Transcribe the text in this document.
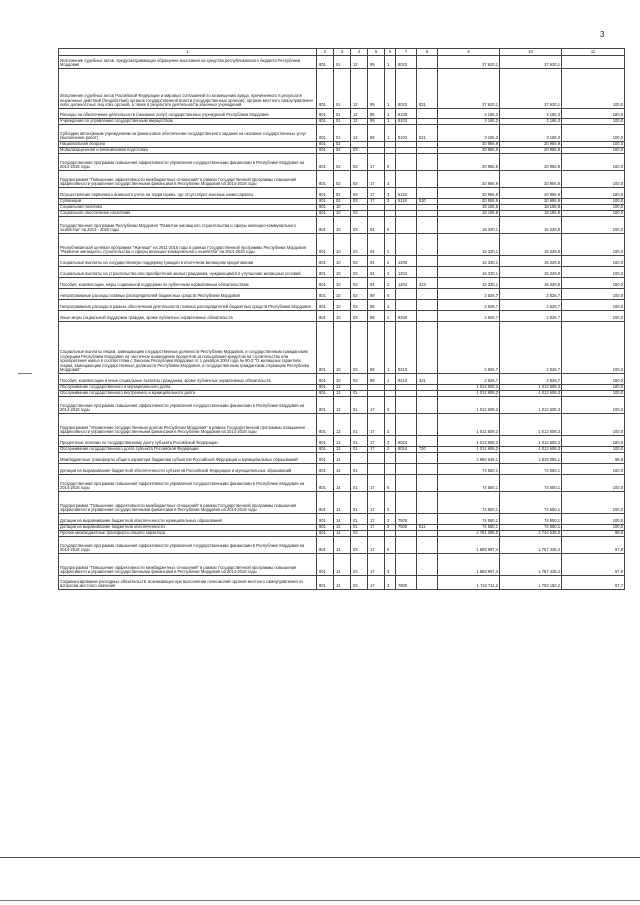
3
1	2	3	4	5	6	7	8	9	10	11
Исполнение судебных актов, предусматривающих обращение взыскания на средства республиканского бюджета Республики Мордовия	801	01	13	89	1	8022		27 620,1	27 620,1	
Исполнение судебных актов Российской Федерации и мировых соглашений по возмещению вреда, причиненного в результате незаконных действий (бездействия) органов государственной власти (государственных органов), органов местного самоуправления либо должностных лиц этих органов, а также в результате деятельности казенных учреждений	801	01	13	89	1	8022	831	27 620,1	27 620,1	100,0
Расходы на обеспечение деятельности (оказание услуг) государственных учреждений Республики Мордовия	801	01	13	89	1	8100		3 186,3	3 186,3	100,0
Учреждения по управлению государственным имуществом	801	01	13	89	1	8102		3 186,3	3 186,3	100,0
Субсидии автономным учреждениям на финансовое обеспечение государственного задания на оказание государственных услуг (выполнение работ)	801	01	13	89	1	8102	621	3 186,3	3 186,3	100,0
Национальная оборона	801	02						20 956,9	20 956,9	100,0
Мобилизационная и вневойсковая подготовка	801	02	03					20 956,9	20 956,9	100,0
Государственная программа повышения эффективности управления государственными финансами в Республике Мордовия на 2014-2018 годы	801	02	03	17	0			20 956,9	20 956,9	100,0
Подпрограмма "Повышение эффективности межбюджетных отношений" в рамках Государственной программы повышения эффективности управления государственными финансами в Республике Мордовия на 2014-2018 годы	801	02	03	17	3			20 956,9	20 956,9	100,0
Осуществление первичного воинского учета на территориях, где отсутствуют военные комиссариаты	801	02	03	17	3	5118		20 956,9	20 956,9	100,0
Субвенции	801	02	03	17	3	5118	530	20 956,9	20 956,9	100,0
Социальная политика	801	10						18 156,8	18 156,8	100,0
Социальное обеспечение населения	801	10	03					18 156,8	18 156,8	100,0
Государственная программа Республики Мордовия "Развитие жилищного строительства и сферы жилищно-коммунального хозяйства" на 2014 - 2020 годы	801	10	03	04	0			15 330,1	15 329,8	100,0
Республиканская целевая программа "Жилище" на 2011-2015 годы в рамках Государственной программы Республики Мордовия "Развитие жилищного строительства и сферы жилищно-коммунального хозяйства" на 2014-2020 годы	801	10	03	04	2			15 330,1	15 329,8	100,0
Социальные выплаты на государственную поддержку граждан в ипотечном жилищном кредитовании	801	10	03	04	2	1200		15 330,1	15 329,8	100,0
Социальные выплаты на строительство или приобретение жилья гражданам, нуждающимся в улучшении жилищных условий	801	10	03	04	2	1204		15 330,1	15 329,8	100,0
Пособия, компенсации, меры социальной поддержки по публичным нормативным обязательствам	801	10	03	04	2	1204	313	15 330,1	15 329,8	100,0
Непрограммные расходы главных распорядителей бюджетных средств Республики Мордовия	801	10	03	89	0			2 826,7	2 826,7	100,0
Непрограммные расходы в рамках обеспечения деятельности главных распорядителей бюджетных средств Республики Мордовия	801	10	03	89	1			2 826,7	2 826,7	100,0
Иные меры социальной поддержки граждан, кроме публичных нормативных обязательств	801	10	03	89	1	8200		2 826,7	2 826,7	100,0
Социальные выплаты лицам, замещающим государственные должности Республики Мордовия, и государственным гражданским служащим Республики Мордовия на частичное возмещение процентов за пользование кредитом на строительство или приобретение жилья в соответствии с Законом Республики Мордовия от 1 декабря 2004 года № 90-З "О жилищных гарантиях лицам, замещающим государственные должности Республики Мордовия, и государственным гражданским служащим Республики Мордовия"	801	10	03	89	1	8210		2 826,7	2 826,7	100,0
Пособия, компенсации и иные социальные выплаты гражданам, кроме публичных нормативных обязательств	801	10	03	89	1	8210	321	2 826,7	2 826,7	100,0
Обслуживание государственного и муниципального долга	801	13						1 012 608,3	1 012 608,3	100,0
Обслуживание государственного внутреннего и муниципального долга	801	13	01					1 012 608,3	1 012 608,3	100,0
Государственная программа повышения эффективности управления государственными финансами в Республике Мордовия на 2014-2018 годы	801	13	01	17	0			1 012 608,3	1 012 608,3	100,0
Подпрограмма "Управление государственным долгом Республики Мордовия" в рамках Государственной программы повышения эффективности управления государственными финансами в Республике Мордовия на 2014-2018 годы	801	13	01	17	2			1 012 608,3	1 012 608,3	100,0
Процентные платежи по государственному долгу субъекта Российской Федерации	801	13	01	17	2	8024		1 012 608,3	1 012 608,3	100,0
Обслуживание государственного долга субъекта Российской Федерации	801	13	01	17	2	8024	720	1 012 608,3	1 012 608,3	100,0
Межбюджетные трансферты общего характера бюджетам субъектов Российской Федерации и муниципальных образований	801	14						2 856 648,1	2 819 085,1	98,8
Дотации на выравнивание бюджетной обеспеченности субъектов Российской Федерации и муниципальных образований	801	14	01					74 550,1	74 550,1	100,0
Государственная программа повышения эффективности управления государственными финансами в Республике Мордовия на 2014-2018 годы	801	14	01	17	0			74 550,1	74 550,1	100,0
Подпрограмма "Повышение эффективности межбюджетных отношений" в рамках Государственной программы повышения эффективности управления государственными финансами в Республике Мордовия на 2014-2018 годы	801	14	01	17	3			74 550,1	74 550,1	100,0
Дотации на выравнивание бюджетной обеспеченности муниципальных образований	801	14	01	17	3	7500		74 550,1	74 550,1	100,0
Дотации на выравнивание бюджетной обеспеченности	801	14	01	17	3	7500	511	74 550,1	74 550,1	100,0
Прочие межбюджетные трансферты общего характера	801	14	03					2 781 098,0	2 744 535,0	98,8
Государственная программа повышения эффективности управления государственными финансами в Республике Мордовия на 2014-2018 годы	801	14	03	17	0			1 808 997,4	1 767 438,4	97,8
Подпрограмма "Повышение эффективности межбюджетных отношений" в рамках Государственной программы повышения эффективности управления государственными финансами в Республике Мордовия на 2014-2018 годы	801	14	03	17	3			1 808 997,4	1 767 438,4	97,8
Софинансирование расходных обязательств, возникающих при выполнении полномочий органов местного самоуправления по вопросам местного значения	801	14	03	17	3	7800		1 742 711,2	1 703 150,2	97,7
